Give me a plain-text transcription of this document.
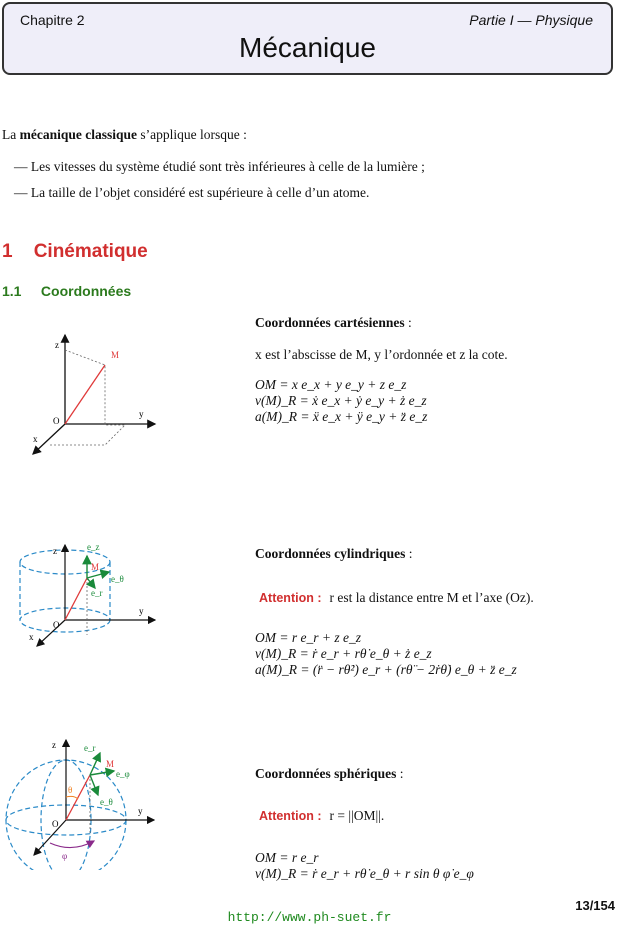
Chapitre 2	Partie I — Physique
Mécanique
La mécanique classique s’applique lorsque :
— Les vitesses du système étudié sont très inférieures à celle de la lumière ;
— La taille de l’objet considéré est supérieure à celle d’un atome.
1 Cinématique
1.1 Coordonnées
Coordonnées cartésiennes :
x est l’abscisse de M, y l’ordonnée et z la cote.
OM = x e_x + y e_y + z e_z
v(M)_R = ẋ e_x + ẏ e_y + ż e_z
a(M)_R = ẍ e_x + ÿ e_y + z̈ e_z
z
y
x
O
M
Coordonnées cylindriques :
Attention : r est la distance entre M et l’axe (Oz).
OM = r e_r + z e_z
v(M)_R = ṙ e_r + rθ̇ e_θ + ż e_z
a(M)_R = (r̈ − rθ̇²) e_r + (rθ̈ − 2ṙθ̇) e_θ + z̈ e_z
z
y
x
O
M
e_z
e_θ
e_r
Coordonnées sphériques :
Attention : r = ||OM||.
OM = r e_r
v(M)_R = ṙ e_r + rθ̇ e_θ + r sin θ φ̇ e_φ
z
y
O
M
e_r
e_φ
e_θ
θ
φ
http://www.ph-suet.fr
13/154
